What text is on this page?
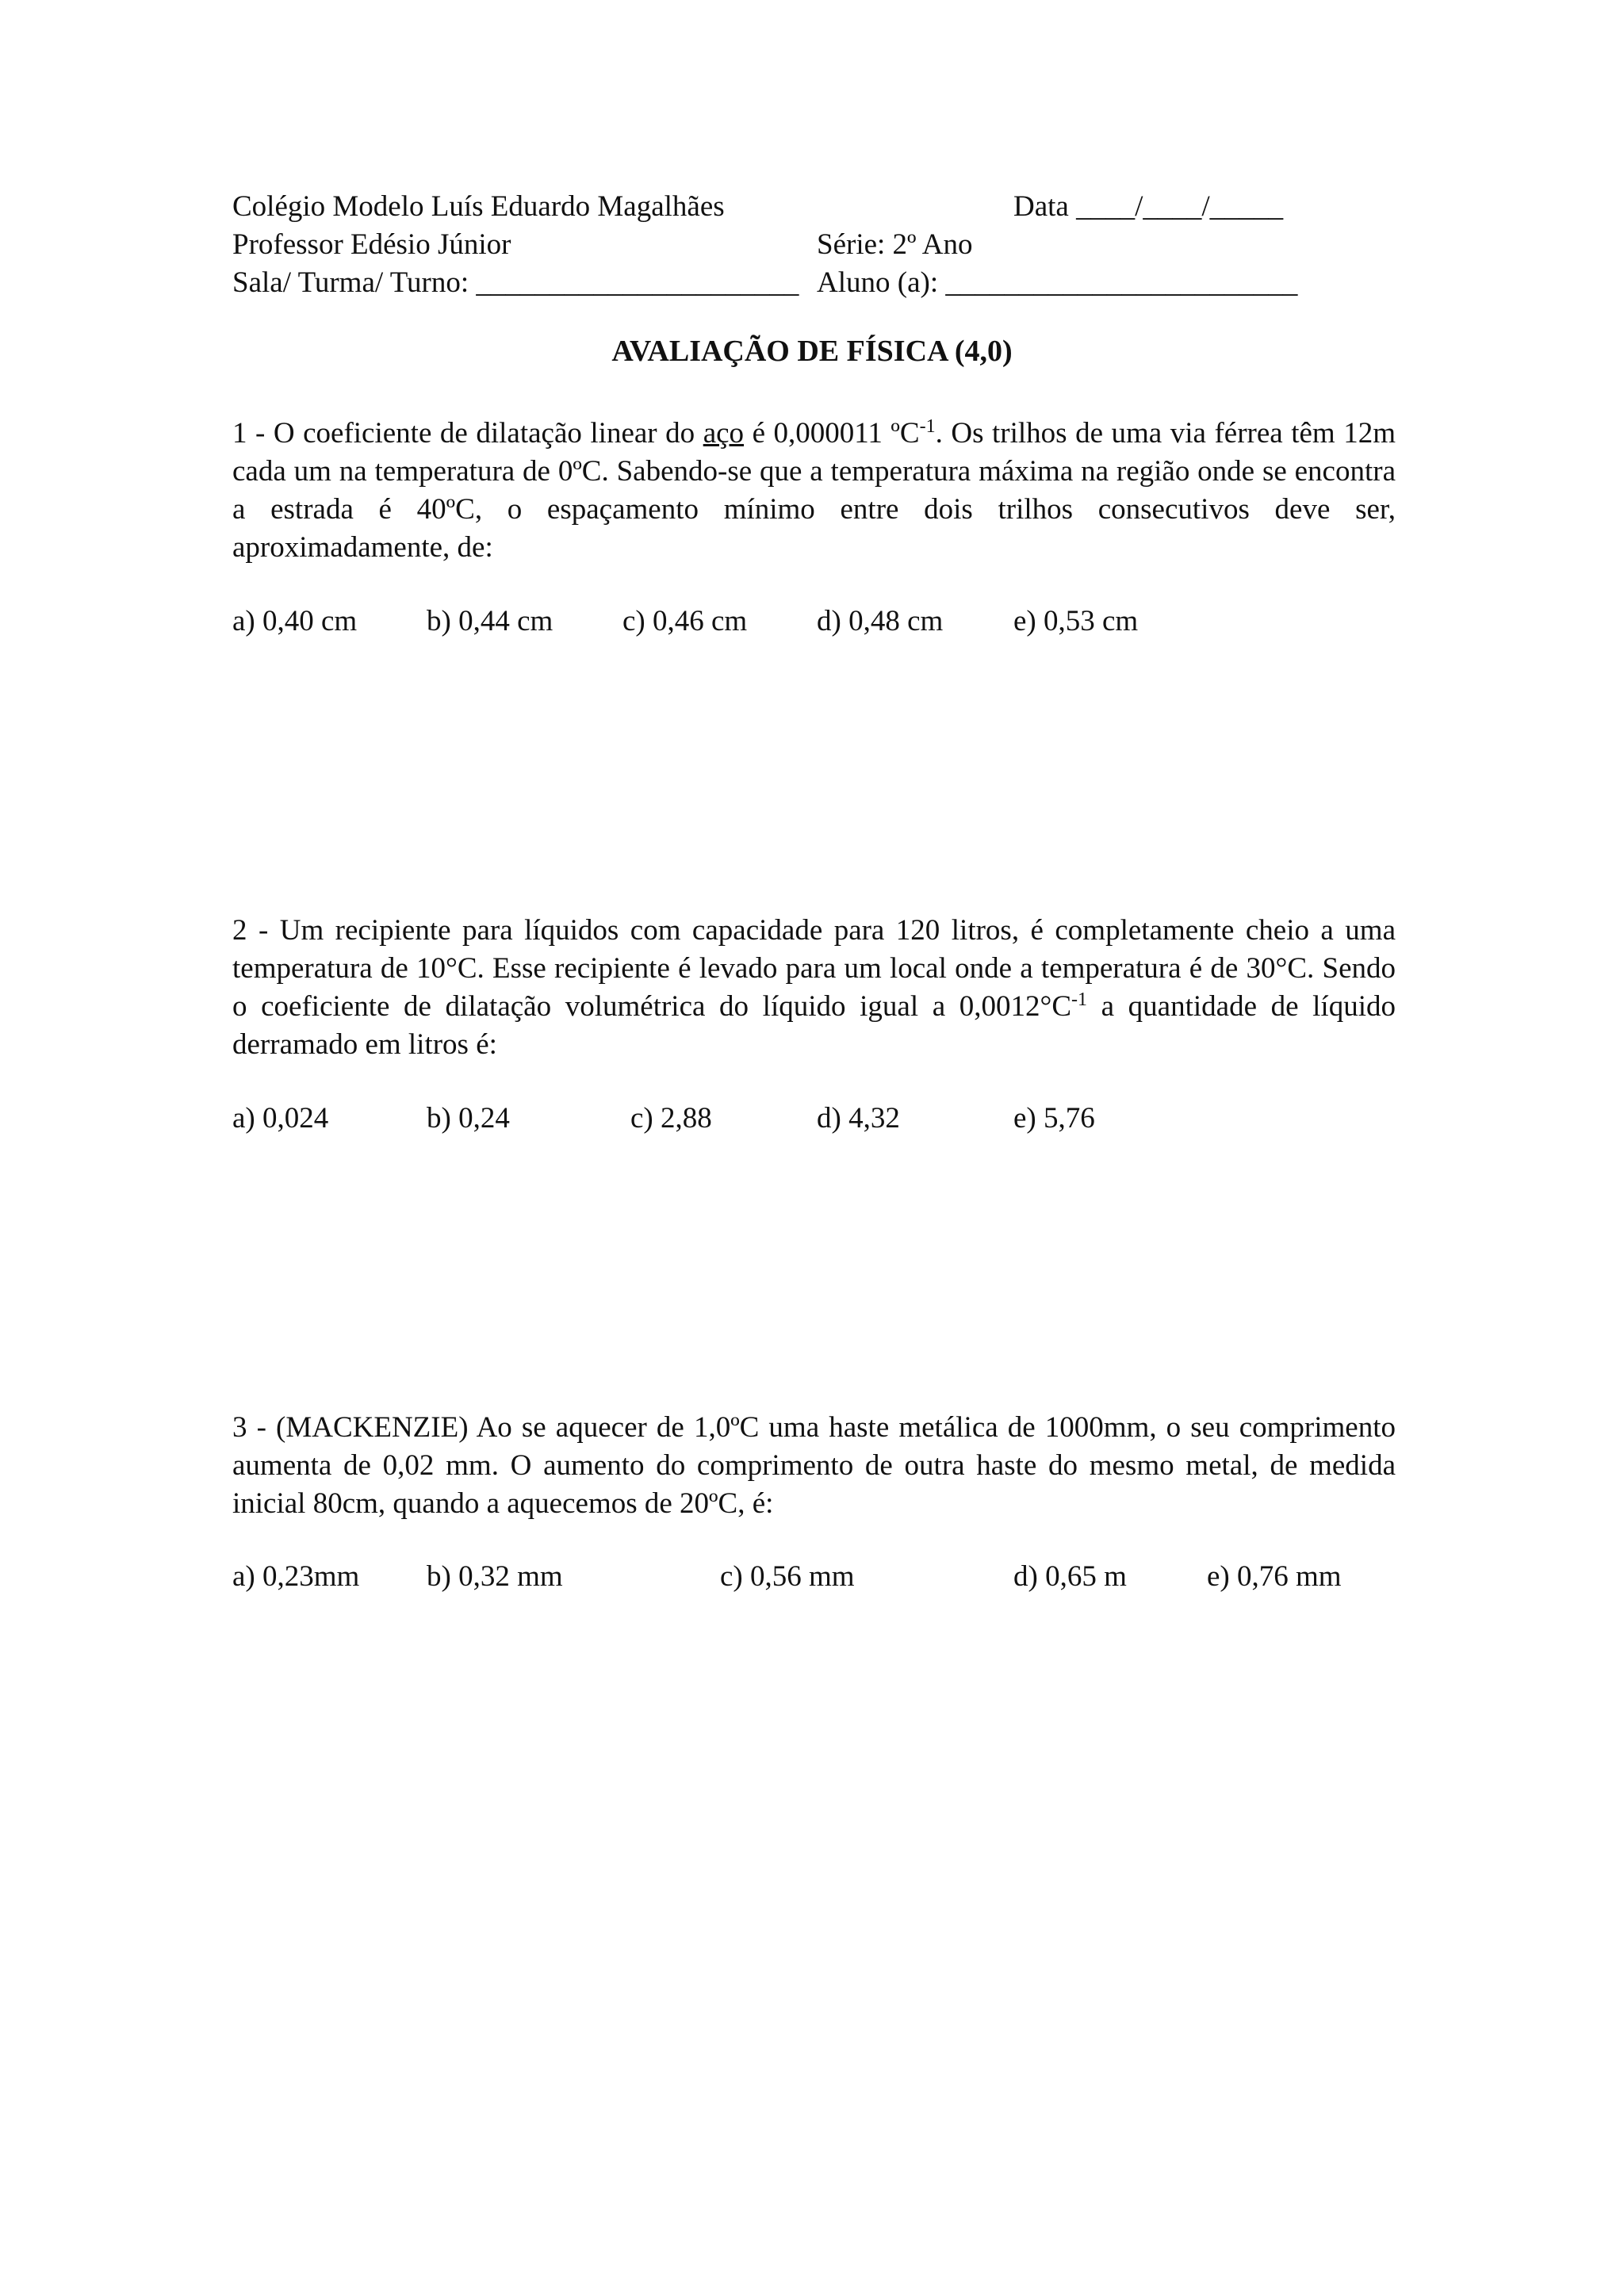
Colégio Modelo Luís Eduardo Magalhães	Data ____/____/_____
Professor Edésio Júnior	Série: 2º Ano
Sala/ Turma/ Turno: ______________________ Aluno (a): ________________________
AVALIAÇÃO DE FÍSICA (4,0)
1 - O coeficiente de dilatação linear do aço é 0,000011 ºC$^{-1}$. Os trilhos de uma via férrea têm 12m cada um na temperatura de 0ºC. Sabendo-se que a temperatura máxima na região onde se encontra a estrada é 40ºC, o espaçamento mínimo entre dois trilhos consecutivos deve ser, aproximadamente, de:
a) 0,40 cm b) 0,44 cm c) 0,46 cm d) 0,48 cm e) 0,53 cm
2 - Um recipiente para líquidos com capacidade para 120 litros, é completamente cheio a uma temperatura de 10°C. Esse recipiente é levado para um local onde a temperatura é de 30°C. Sendo o coeficiente de dilatação volumétrica do líquido igual a $0,0012^\circ C^{-1}$ a quantidade de líquido derramado em litros é:
a) 0,024	b) 0,24	c) 2,88	d) 4,32	e) 5,76
3 - (MACKENZIE) Ao se aquecer de 1,0ºC uma haste metálica de 1000mm, o seu comprimento aumenta de 0,02 mm. O aumento do comprimento de outra haste do mesmo metal, de medida inicial 80cm, quando a aquecemos de 20ºC, é:
a) 0,23mm b) 0,32 mm	c) 0,56 mm	d) 0,65 m	e) 0,76 mm
